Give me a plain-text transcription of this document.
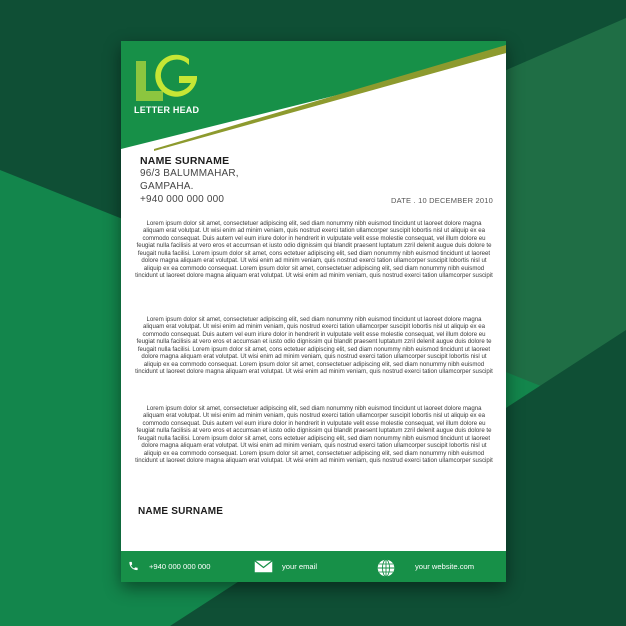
LETTER HEAD
NAME SURNAME
96/3 BALUMMAHAR,
GAMPAHA.
+940 000 000 000	DATE . 10 DECEMBER 2010
Lorem ipsum dolor sit amet, consectetuer adipiscing elit, sed diam nonummy nibh euismod tincidunt ut laoreet dolore magna aliquam erat volutpat. Ut wisi enim ad minim veniam, quis nostrud exerci tation ullamcorper suscipit lobortis nisl ut aliquip ex ea commodo consequat. Duis autem vel eum iriure dolor in hendrerit in vulputate velit esse molestie consequat, vel illum dolore eu feugiat nulla facilisis at vero eros et accumsan et iusto odio dignissim qui blandit praesent luptatum zzril delenit augue duis dolore te feugait nulla facilisi. Lorem ipsum dolor sit amet, cons ectetuer adipiscing elit, sed diam nonummy nibh euismod tincidunt ut laoreet dolore magna aliquam erat volutpat. Ut wisi enim ad minim veniam, quis nostrud exerci tation ullamcorper suscipit lobortis nisl ut aliquip ex ea commodo consequat. Lorem ipsum dolor sit amet, consectetuer adipiscing elit, sed diam nonummy nibh euismod tincidunt ut laoreet dolore magna aliquam erat volutpat. Ut wisi enim ad minim veniam, quis nostrud exerci tation ullamcorper suscipit
Lorem ipsum dolor sit amet, consectetuer adipiscing elit, sed diam nonummy nibh euismod tincidunt ut laoreet dolore magna aliquam erat volutpat. Ut wisi enim ad minim veniam, quis nostrud exerci tation ullamcorper suscipit lobortis nisl ut aliquip ex ea commodo consequat. Duis autem vel eum iriure dolor in hendrerit in vulputate velit esse molestie consequat, vel illum dolore eu feugiat nulla facilisis at vero eros et accumsan et iusto odio dignissim qui blandit praesent luptatum zzril delenit augue duis dolore te feugait nulla facilisi. Lorem ipsum dolor sit amet, cons ectetuer adipiscing elit, sed diam nonummy nibh euismod tincidunt ut laoreet dolore magna aliquam erat volutpat. Ut wisi enim ad minim veniam, quis nostrud exerci tation ullamcorper suscipit lobortis nisl ut aliquip ex ea commodo consequat. Lorem ipsum dolor sit amet, consectetuer adipiscing elit, sed diam nonummy nibh euismod tincidunt ut laoreet dolore magna aliquam erat volutpat. Ut wisi enim ad minim veniam, quis nostrud exerci tation ullamcorper suscipit
Lorem ipsum dolor sit amet, consectetuer adipiscing elit, sed diam nonummy nibh euismod tincidunt ut laoreet dolore magna aliquam erat volutpat. Ut wisi enim ad minim veniam, quis nostrud exerci tation ullamcorper suscipit lobortis nisl ut aliquip ex ea commodo consequat. Duis autem vel eum iriure dolor in hendrerit in vulputate velit esse molestie consequat, vel illum dolore eu feugiat nulla facilisis at vero eros et accumsan et iusto odio dignissim qui blandit praesent luptatum zzril delenit augue duis dolore te feugait nulla facilisi. Lorem ipsum dolor sit amet, cons ectetuer adipiscing elit, sed diam nonummy nibh euismod tincidunt ut laoreet dolore magna aliquam erat volutpat. Ut wisi enim ad minim veniam, quis nostrud exerci tation ullamcorper suscipit lobortis nisl ut aliquip ex ea commodo consequat. Lorem ipsum dolor sit amet, consectetuer adipiscing elit, sed diam nonummy nibh euismod tincidunt ut laoreet dolore magna aliquam erat volutpat. Ut wisi enim ad minim veniam, quis nostrud exerci tation ullamcorper suscipit
NAME SURNAME
+940 000 000 000	your email	your website.com
